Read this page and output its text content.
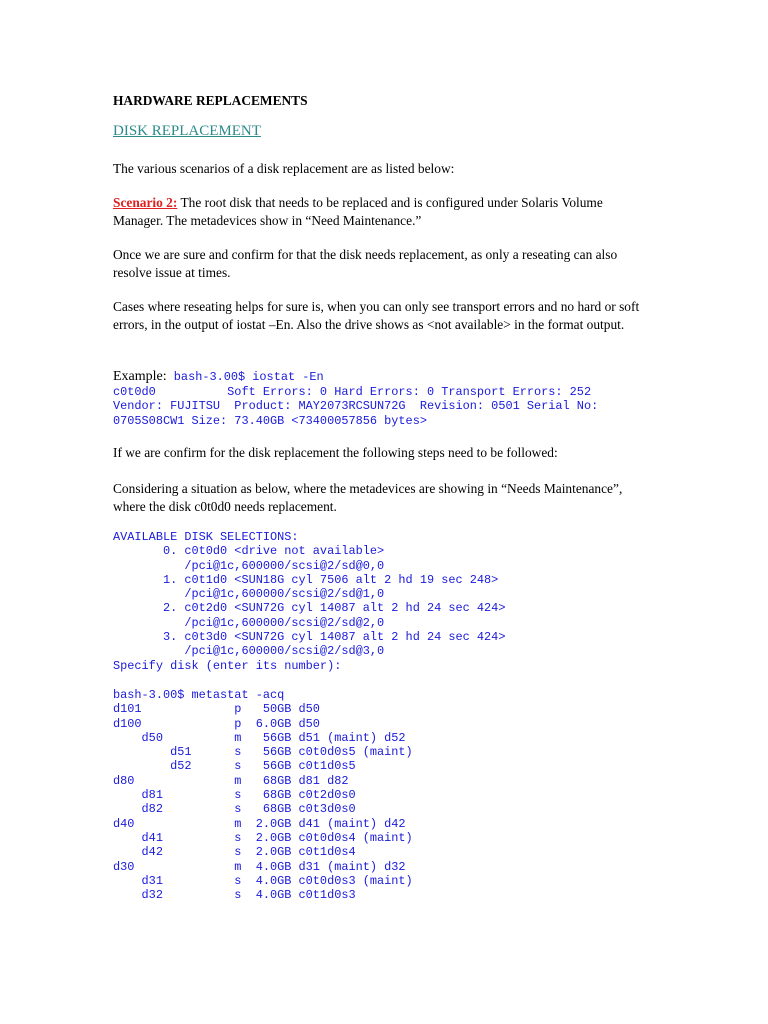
HARDWARE REPLACEMENTS

DISK REPLACEMENT

The various scenarios of a disk replacement are as listed below:

Scenario 2: The root disk that needs to be replaced and is configured under Solaris Volume Manager. The metadevices show in “Need Maintenance.”

Once we are sure and confirm for that the disk needs replacement, as only a reseating can also resolve issue at times.

Cases where reseating helps for sure is, when you can only see transport errors and no hard or soft errors, in the output of iostat –En. Also the drive shows as <not available> in the format output.

Example: bash-3.00$ iostat -En

c0t0d0          Soft Errors: 0 Hard Errors: 0 Transport Errors: 252
Vendor: FUJITSU  Product: MAY2073RCSUN72G  Revision: 0501 Serial No:
0705S08CW1 Size: 73.40GB <73400057856 bytes>

If we are confirm for the disk replacement the following steps need to be followed:

Considering a situation as below, where the metadevices are showing in “Needs Maintenance”, where the disk c0t0d0 needs replacement.

AVAILABLE DISK SELECTIONS:
0. c0t0d0 <drive not available>
/pci@1c,600000/scsi@2/sd@0,0
1. c0t1d0 <SUN18G cyl 7506 alt 2 hd 19 sec 248>
/pci@1c,600000/scsi@2/sd@1,0
2. c0t2d0 <SUN72G cyl 14087 alt 2 hd 24 sec 424>
/pci@1c,600000/scsi@2/sd@2,0
3. c0t3d0 <SUN72G cyl 14087 alt 2 hd 24 sec 424>
/pci@1c,600000/scsi@2/sd@3,0
Specify disk (enter its number):
bash-3.00$ metastat -acq
d101             p   50GB d50
d100             p  6.0GB d50
d50          m   56GB d51 (maint) d52
d51      s   56GB c0t0d0s5 (maint)
d52      s   56GB c0t1d0s5
d80              m   68GB d81 d82
d81          s   68GB c0t2d0s0
d82          s   68GB c0t3d0s0
d40              m  2.0GB d41 (maint) d42
d41          s  2.0GB c0t0d0s4 (maint)
d42          s  2.0GB c0t1d0s4
d30              m  4.0GB d31 (maint) d32
d31          s  4.0GB c0t0d0s3 (maint)
d32          s  4.0GB c0t1d0s3
